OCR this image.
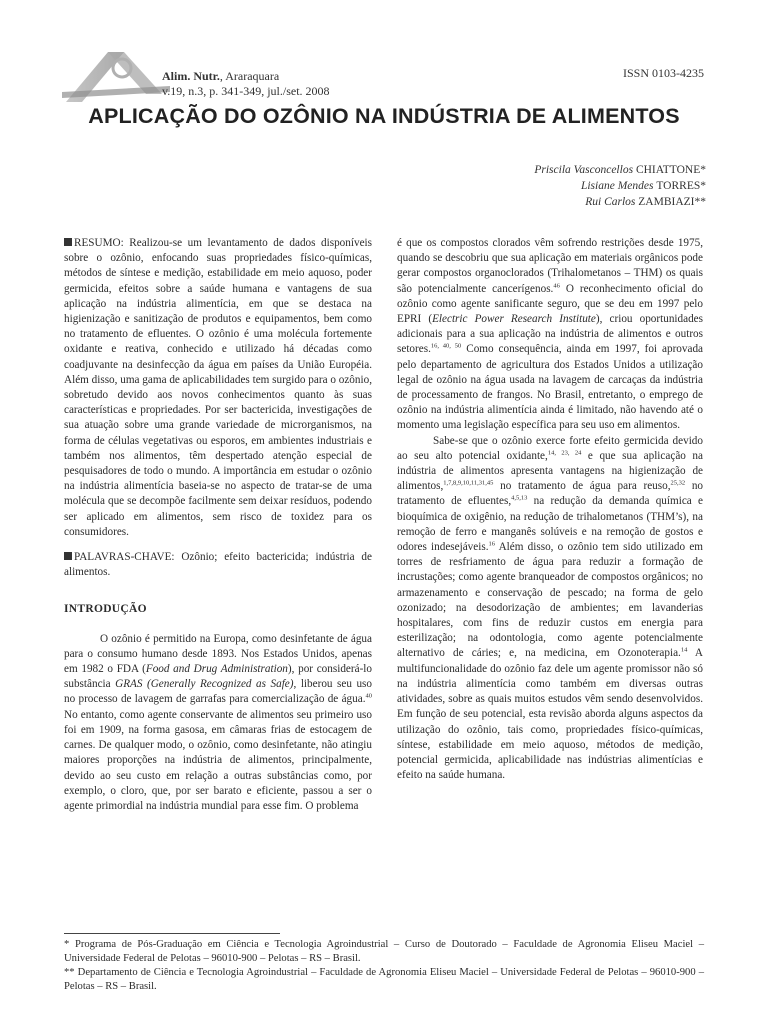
Alim. Nutr., Araraquara
v.19, n.3, p. 341-349, jul./set. 2008
ISSN 0103-4235
APLICAÇÃO DO OZÔNIO NA INDÚSTRIA DE ALIMENTOS
Priscila Vasconcellos CHIATTONE*
Lisiane Mendes TORRES*
Rui Carlos ZAMBIAZI**

RESUMO: Realizou-se um levantamento de dados disponíveis sobre o ozônio, enfocando suas propriedades físico-químicas, métodos de síntese e medição, estabilidade em meio aquoso, poder germicida, efeitos sobre a saúde humana e vantagens de sua aplicação na indústria alimentícia, em que se destaca na higienização e sanitização de produtos e equipamentos, bem como no tratamento de efluentes. O ozônio é uma molécula fortemente oxidante e reativa, conhecido e utilizado há décadas como coadjuvante na desinfecção da água em países da União Européia. Além disso, uma gama de aplicabilidades tem surgido para o ozônio, sobretudo devido aos novos conhecimentos quanto às suas características e propriedades. Por ser bactericida, investigações de sua atuação sobre uma grande variedade de microrganismos, na forma de células vegetativas ou esporos, em ambientes industriais e também nos alimentos, têm despertado atenção especial de pesquisadores de todo o mundo. A importância em estudar o ozônio na indústria alimentícia baseia-se no aspecto de tratar-se de uma molécula que se decompõe facilmente sem deixar resíduos, podendo ser aplicado em alimentos, sem risco de toxidez para os consumidores.

PALAVRAS-CHAVE: Ozônio; efeito bactericida; indústria de alimentos.

INTRODUÇÃO

O ozônio é permitido na Europa, como desinfetante de água para o consumo humano desde 1893. Nos Estados Unidos, apenas em 1982 o FDA (Food and Drug Administration), por considerá-lo substância GRAS (Generally Recognized as Safe), liberou seu uso no processo de lavagem de garrafas para comercialização de água.$^{40}$ No entanto, como agente conservante de alimentos seu primeiro uso foi em 1909, na forma gasosa, em câmaras frias de estocagem de carnes. De qualquer modo, o ozônio, como desinfetante, não atingiu maiores proporções na indústria de alimentos, principalmente, devido ao seu custo em relação a outras substâncias como, por exemplo, o cloro, que, por ser barato e eficiente, passou a ser o agente primordial na indústria mundial para esse fim. O problema

é que os compostos clorados vêm sofrendo restrições desde 1975, quando se descobriu que sua aplicação em materiais orgânicos pode gerar compostos organoclorados (Trihalometanos – THM) os quais são potencialmente cancerígenos.$^{46}$ O reconhecimento oficial do ozônio como agente sanificante seguro, que se deu em 1997 pelo EPRI (Electric Power Research Institute), criou oportunidades adicionais para a sua aplicação na indústria de alimentos e outros setores.$^{16, 40, 50}$ Como consequência, ainda em 1997, foi aprovada pelo departamento de agricultura dos Estados Unidos a utilização legal de ozônio na água usada na lavagem de carcaças da indústria de processamento de frangos. No Brasil, entretanto, o emprego de ozônio na indústria alimentícia ainda é limitado, não havendo até o momento uma legislação específica para seu uso em alimentos.

Sabe-se que o ozônio exerce forte efeito germicida devido ao seu alto potencial oxidante,$^{14, 23, 24}$ e que sua aplicação na indústria de alimentos apresenta vantagens na higienização de alimentos,$^{1,7,8,9,10,11,31,45}$ no tratamento de água para reuso,$^{25,32}$ no tratamento de efluentes,$^{4,5,13}$ na redução da demanda química e bioquímica de oxigênio, na redução de trihalometanos (THM’s), na remoção de ferro e manganês solúveis e na remoção de gostos e odores indesejáveis.$^{16}$ Além disso, o ozônio tem sido utilizado em torres de resfriamento de água para reduzir a formação de incrustações; como agente branqueador de compostos orgânicos; no armazenamento e conservação de pescado; na forma de gelo ozonizado; na desodorização de ambientes; em lavanderias hospitalares, com fins de reduzir custos em energia para esterilização; na odontologia, como agente potencialmente alternativo de cáries; e, na medicina, em Ozonoterapia.$^{14}$ A multifuncionalidade do ozônio faz dele um agente promissor não só na indústria alimentícia como também em diversas outras atividades, sobre as quais muitos estudos vêm sendo desenvolvidos. Em função de seu potencial, esta revisão aborda alguns aspectos da utilização do ozônio, tais como, propriedades físico-químicas, síntese, estabilidade em meio aquoso, métodos de medição, potencial germicida, aplicabilidade nas indústrias alimentícias e efeito na saúde humana.

* Programa de Pós-Graduação em Ciência e Tecnologia Agroindustrial – Curso de Doutorado – Faculdade de Agronomia Eliseu Maciel – Universidade Federal de Pelotas – 96010-900 – Pelotas – RS – Brasil.

** Departamento de Ciência e Tecnologia Agroindustrial – Faculdade de Agronomia Eliseu Maciel – Universidade Federal de Pelotas – 96010-900 – Pelotas – RS – Brasil.
